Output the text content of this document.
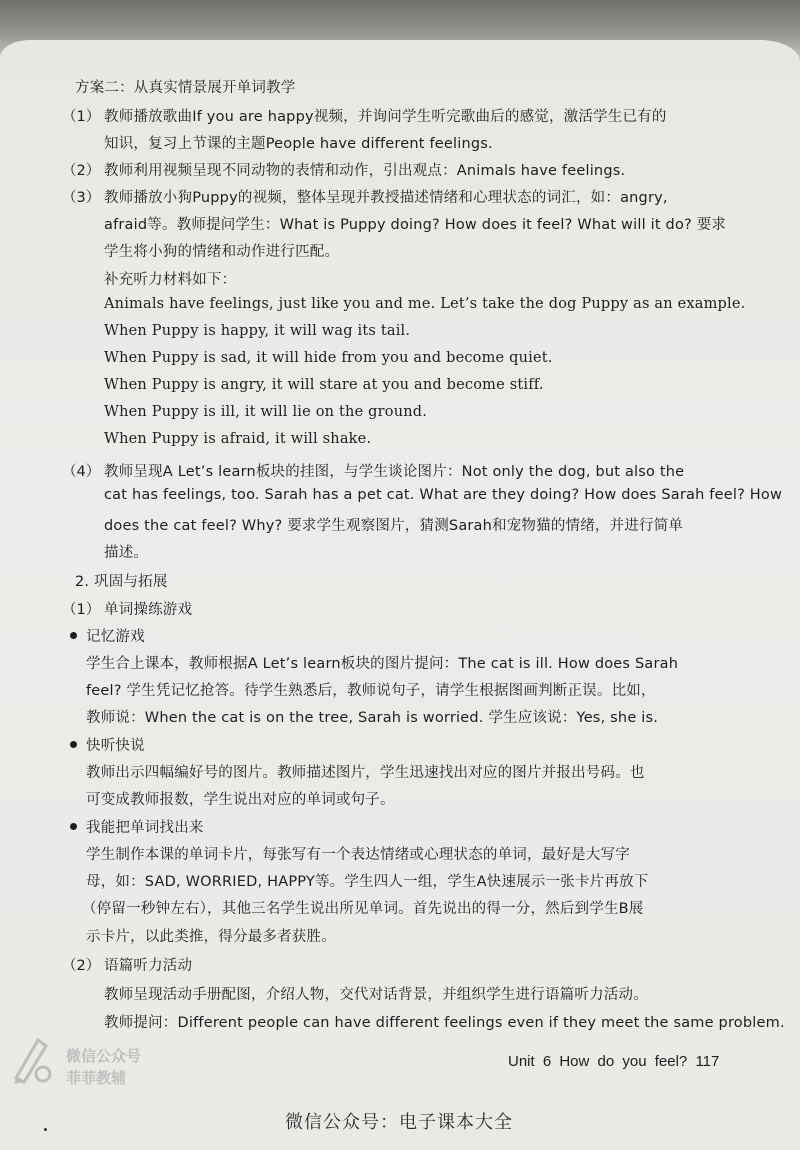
方案二：从真实情景展开单词教学
（1） 教师播放歌曲If you are happy视频，并询问学生听完歌曲后的感觉，激活学生已有的
知识，复习上节课的主题People have different feelings.
（2） 教师利用视频呈现不同动物的表情和动作，引出观点：Animals have feelings.
（3） 教师播放小狗Puppy的视频，整体呈现并教授描述情绪和心理状态的词汇，如：angry,
afraid等。教师提问学生：What is Puppy doing? How does it feel? What will it do? 要求
学生将小狗的情绪和动作进行匹配。
补充听力材料如下：
Animals have feelings, just like you and me. Let’s take the dog Puppy as an example.
When Puppy is happy, it will wag its tail.
When Puppy is sad, it will hide from you and become quiet.
When Puppy is angry, it will stare at you and become stiff.
When Puppy is ill, it will lie on the ground.
When Puppy is afraid, it will shake.
（4） 教师呈现A Let’s learn板块的挂图，与学生谈论图片：Not only the dog, but also the
cat has feelings, too. Sarah has a pet cat. What are they doing? How does Sarah feel? How
does the cat feel? Why? 要求学生观察图片，猜测Sarah和宠物猫的情绪，并进行简单
描述。
2. 巩固与拓展
（1） 单词操练游戏
记忆游戏
学生合上课本，教师根据A Let’s learn板块的图片提问：The cat is ill. How does Sarah
feel? 学生凭记忆抢答。待学生熟悉后，教师说句子，请学生根据图画判断正误。比如，
教师说：When the cat is on the tree, Sarah is worried. 学生应该说：Yes, she is.
快听快说
教师出示四幅编好号的图片。教师描述图片，学生迅速找出对应的图片并报出号码。也
可变成教师报数，学生说出对应的单词或句子。
我能把单词找出来
学生制作本课的单词卡片，每张写有一个表达情绪或心理状态的单词，最好是大写字
母，如：SAD, WORRIED, HAPPY等。学生四人一组，学生A快速展示一张卡片再放下
（停留一秒钟左右），其他三名学生说出所见单词。首先说出的得一分，然后到学生B展
示卡片，以此类推，得分最多者获胜。
（2） 语篇听力活动
教师呈现活动手册配图，介绍人物，交代对话背景，并组织学生进行语篇听力活动。
教师提问：Different people can have different feelings even if they meet the same problem.
微信公众号
菲菲教辅
Unit 6 How do you feel? 117
微信公众号：电子课本大全
